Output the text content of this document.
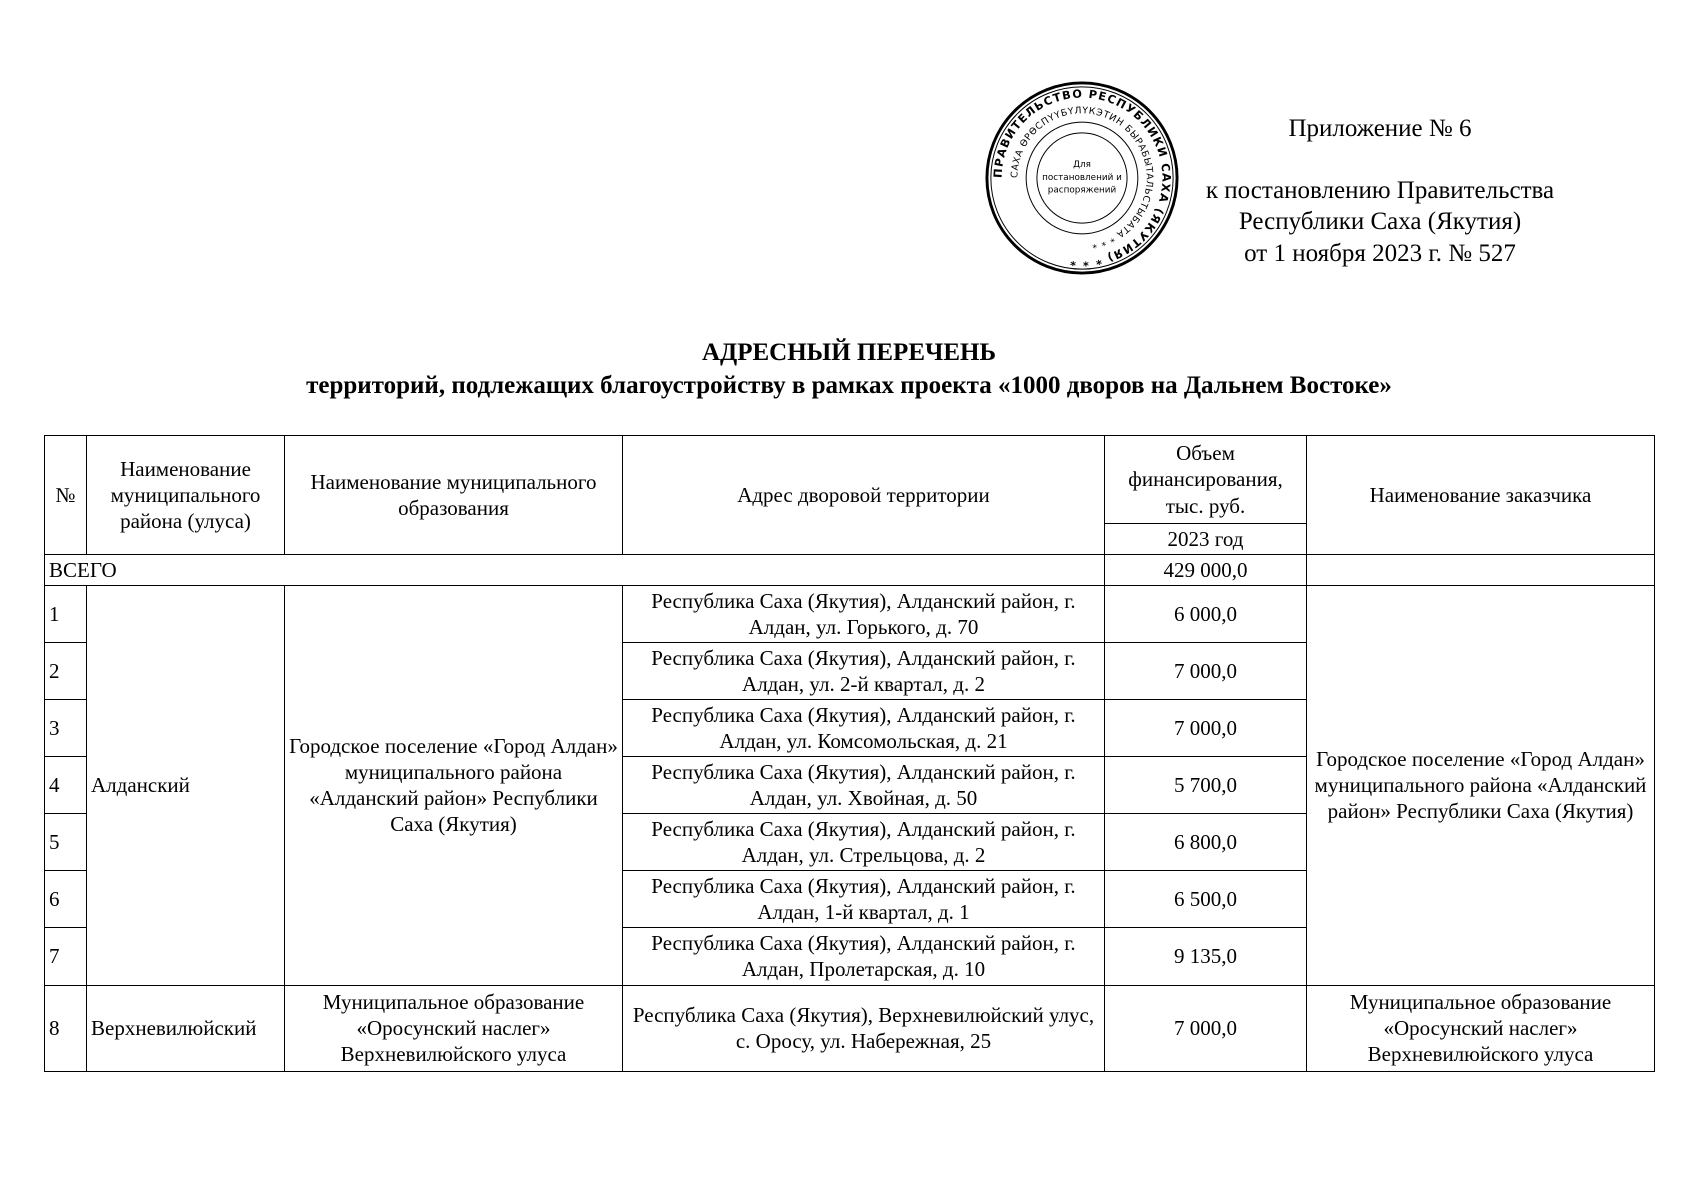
Приложение № 6
к постановлению Правительства
Республики Саха (Якутия)
от 1 ноября 2023 г. № 527
ПРАВИТЕЛЬСТВО РЕСПУБЛИКИ САХА (ЯКУТИЯ) * * *
САХА ӨРӨСПҮҮБҮЛҮКЭТИН БЫРАБЫТАЛЬСТЫБАТА * * *
Для
постановлений и
распоряжений
АДРЕСНЫЙ ПЕРЕЧЕНЬ
территорий, подлежащих благоустройству в рамках проекта «1000 дворов на Дальнем Востоке»
№	Наименование муниципального района (улуса)	Наименование муниципального образования	Адрес дворовой территории	Объем финансирования, тыс. руб.	Наименование заказчика
				2023 год	
ВСЕГО				429 000,0	
1	Алданский	Городское поселение «Город Алдан» муниципального района «Алданский район» Республики Саха (Якутия)	Республика Саха (Якутия), Алданский район, г. Алдан, ул. Горького, д. 70	6 000,0	Городское поселение «Город Алдан» муниципального района «Алданский район» Республики Саха (Якутия)
2			Республика Саха (Якутия), Алданский район, г. Алдан, ул. 2-й квартал, д. 2	7 000,0	
3			Республика Саха (Якутия), Алданский район, г. Алдан, ул. Комсомольская, д. 21	7 000,0	
4			Республика Саха (Якутия), Алданский район, г. Алдан, ул. Хвойная, д. 50	5 700,0	
5			Республика Саха (Якутия), Алданский район, г. Алдан, ул. Стрельцова, д. 2	6 800,0	
6			Республика Саха (Якутия), Алданский район, г. Алдан, 1-й квартал, д. 1	6 500,0	
7			Республика Саха (Якутия), Алданский район, г. Алдан, Пролетарская, д. 10	9 135,0	
8	Верхневилюйский	Муниципальное образование «Оросунский наслег» Верхневилюйского улуса	Республика Саха (Якутия), Верхневилюйский улус, с. Оросу, ул. Набережная, 25	7 000,0	Муниципальное образование «Оросунский наслег» Верхневилюйского улуса
